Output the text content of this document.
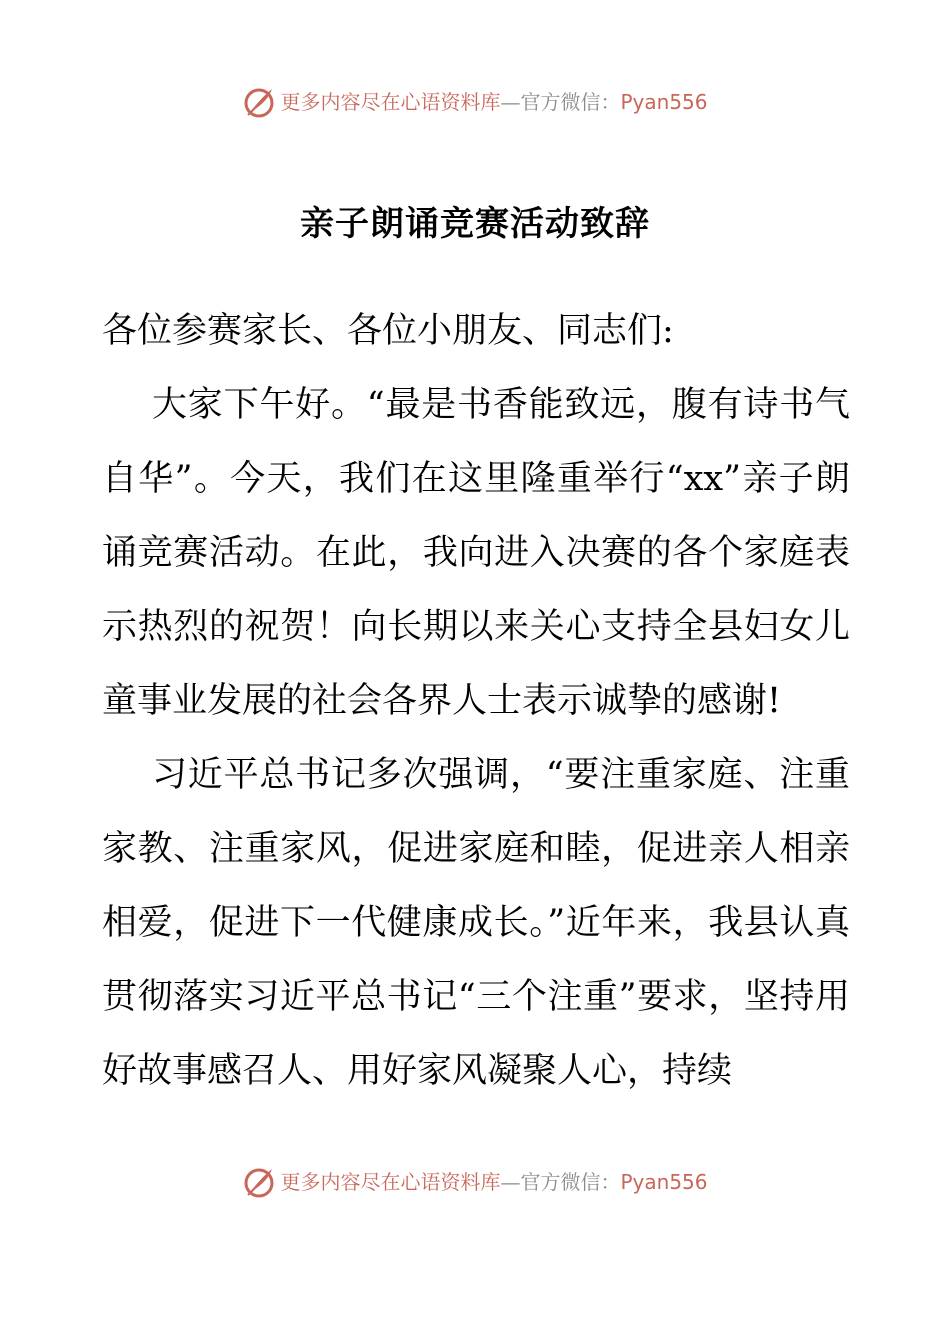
更多内容尽在心语资料库 — 官方微信： Pyan556
亲子朗诵竞赛活动致辞

各位参赛家长、各位小朋友、同志们:

大家下午好。“最是书香能致远，腹有诗书气自华”。今天，我们在这里隆重举行“xx”亲子朗诵竞赛活动。在此，我向进入决赛的各个家庭表示热烈的祝贺！向长期以来关心支持全县妇女儿童事业发展的社会各界人士表示诚挚的感谢!

习近平总书记多次强调，“要注重家庭、注重家教、注重家风，促进家庭和睦，促进亲人相亲相爱，促进下一代健康成长。”近年来，我县认真贯彻落实习近平总书记“三个注重”要求，坚持用好故事感召人、用好家风凝聚人心，持续

更多内容尽在心语资料库 — 官方微信： Pyan556
